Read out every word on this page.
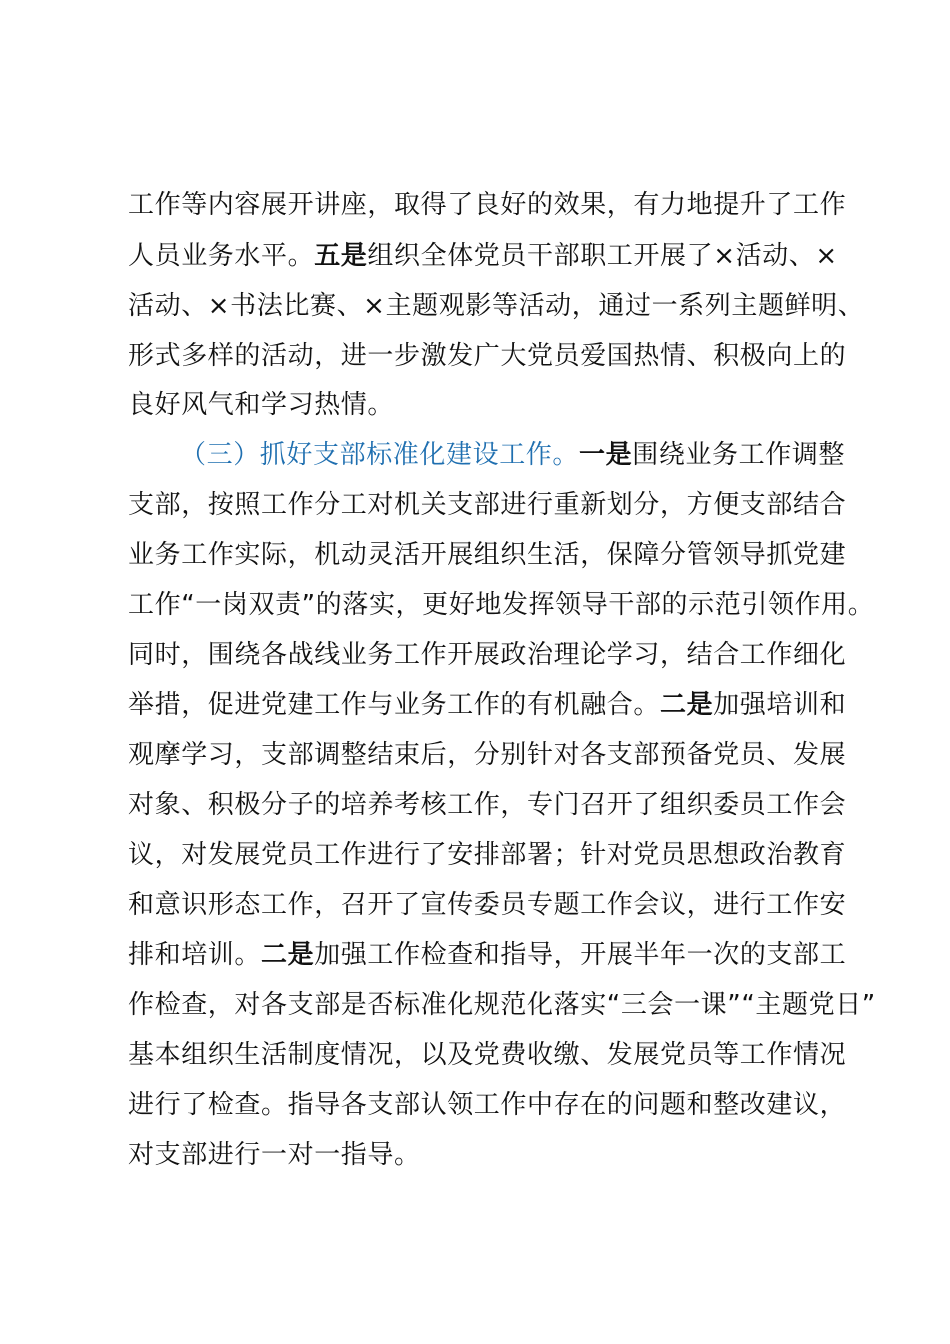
工作等内容展开讲座，取得了良好的效果，有力地提升了工作
人员业务水平。五是组织全体党员干部职工开展了×活动、×
活动、×书法比赛、×主题观影等活动，通过一系列主题鲜明、
形式多样的活动，进一步激发广大党员爱国热情、积极向上的
良好风气和学习热情。
（三）抓好支部标准化建设工作。一是围绕业务工作调整
支部，按照工作分工对机关支部进行重新划分，方便支部结合
业务工作实际，机动灵活开展组织生活，保障分管领导抓党建
工作“一岗双责”的落实，更好地发挥领导干部的示范引领作用。
同时，围绕各战线业务工作开展政治理论学习，结合工作细化
举措，促进党建工作与业务工作的有机融合。二是加强培训和
观摩学习，支部调整结束后，分别针对各支部预备党员、发展
对象、积极分子的培养考核工作，专门召开了组织委员工作会
议，对发展党员工作进行了安排部署；针对党员思想政治教育
和意识形态工作，召开了宣传委员专题工作会议，进行工作安
排和培训。二是加强工作检查和指导，开展半年一次的支部工
作检查，对各支部是否标准化规范化落实“三会一课”“主题党日”
基本组织生活制度情况，以及党费收缴、发展党员等工作情况
进行了检查。指导各支部认领工作中存在的问题和整改建议，
对支部进行一对一指导。
